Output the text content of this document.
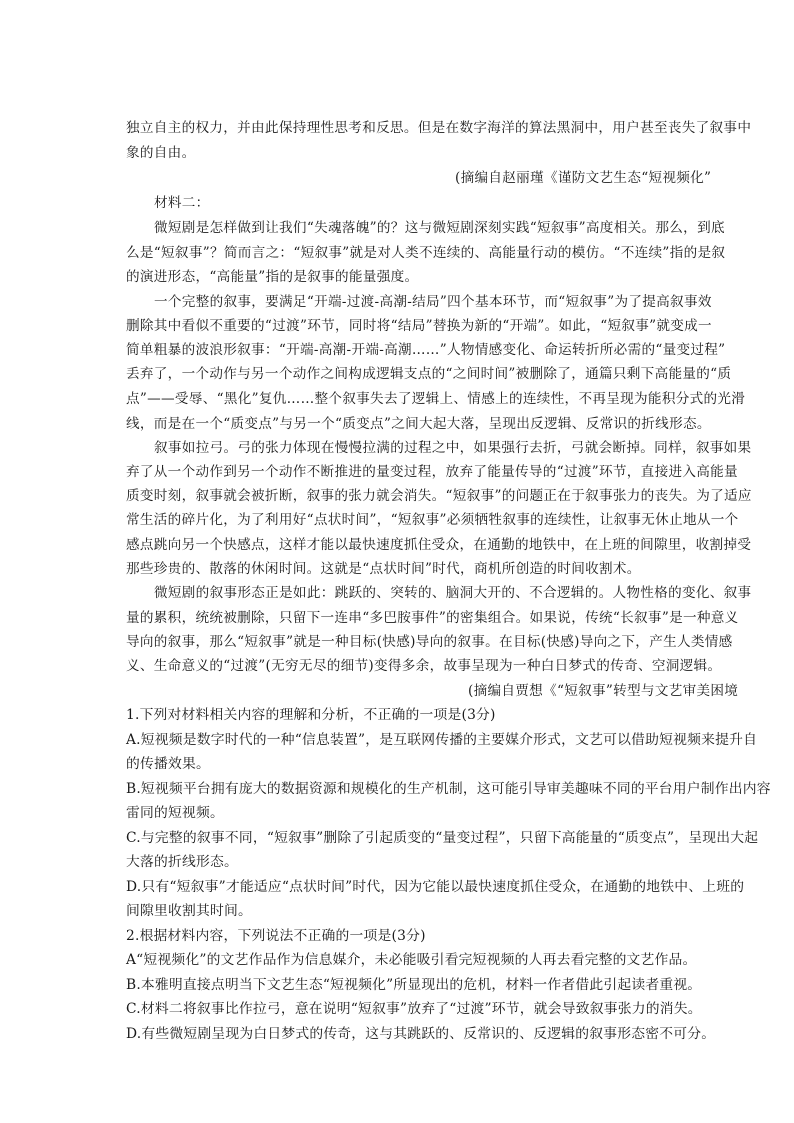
独立自主的权力，并由此保持理性思考和反思。但是在数字海洋的算法黑洞中，用户甚至丧失了叙事中
象的自由。
(摘编自赵丽瑾《谨防文艺生态“短视频化”
材料二：
微短剧是怎样做到让我们“失魂落魄”的？这与微短剧深刻实践“短叙事”高度相关。那么，到底
么是“短叙事”？简而言之：“短叙事”就是对人类不连续的、高能量行动的模仿。“不连续”指的是叙
的演进形态，“高能量”指的是叙事的能量强度。
一个完整的叙事，要满足“开端-过渡-高潮-结局”四个基本环节，而“短叙事”为了提高叙事效
删除其中看似不重要的“过渡”环节，同时将“结局”替换为新的“开端”。如此，“短叙事”就变成一
简单粗暴的波浪形叙事：“开端-高潮-开端-高潮……”人物情感变化、命运转折所必需的“量变过程”
丢弃了，一个动作与另一个动作之间构成逻辑支点的“之间时间”被删除了，通篇只剩下高能量的“质
点”——受辱、“黑化”复仇……整个叙事失去了逻辑上、情感上的连续性，不再呈现为能积分式的光滑
线，而是在一个“质变点”与另一个“质变点”之间大起大落，呈现出反逻辑、反常识的折线形态。
叙事如拉弓。弓的张力体现在慢慢拉满的过程之中，如果强行去折，弓就会断掉。同样，叙事如果
弃了从一个动作到另一个动作不断推进的量变过程，放弃了能量传导的“过渡”环节，直接进入高能量
质变时刻，叙事就会被折断，叙事的张力就会消失。“短叙事”的问题正在于叙事张力的丧失。为了适应
常生活的碎片化，为了利用好“点状时间”，“短叙事”必须牺牲叙事的连续性，让叙事无休止地从一个
感点跳向另一个快感点，这样才能以最快速度抓住受众，在通勤的地铁中，在上班的间隙里，收割掉受
那些珍贵的、散落的休闲时间。这就是“点状时间”时代，商机所创造的时间收割术。
微短剧的叙事形态正是如此：跳跃的、突转的、脑洞大开的、不合逻辑的。人物性格的变化、叙事
量的累积，统统被删除，只留下一连串“多巴胺事件”的密集组合。如果说，传统“长叙事”是一种意义
导向的叙事，那么“短叙事”就是一种目标(快感)导向的叙事。在目标(快感)导向之下，产生人类情感
义、生命意义的“过渡”(无穷无尽的细节)变得多余，故事呈现为一种白日梦式的传奇、空洞逻辑。
(摘编自贾想《“短叙事”转型与文艺审美困境
1.下列对材料相关内容的理解和分析，不正确的一项是(3分)
A.短视频是数字时代的一种“信息装置”，是互联网传播的主要媒介形式，文艺可以借助短视频来提升自
的传播效果。
B.短视频平台拥有庞大的数据资源和规模化的生产机制，这可能引导审美趣味不同的平台用户制作出内容
雷同的短视频。
C.与完整的叙事不同，“短叙事”删除了引起质变的“量变过程”，只留下高能量的“质变点”，呈现出大起
大落的折线形态。
D.只有“短叙事”才能适应“点状时间”时代，因为它能以最快速度抓住受众，在通勤的地铁中、上班的
间隙里收割其时间。
2.根据材料内容，下列说法不正确的一项是(3分)
A“短视频化”的文艺作品作为信息媒介，未必能吸引看完短视频的人再去看完整的文艺作品。
B.本雅明直接点明当下文艺生态“短视频化”所显现出的危机，材料一作者借此引起读者重视。
C.材料二将叙事比作拉弓，意在说明“短叙事”放弃了“过渡”环节，就会导致叙事张力的消失。
D.有些微短剧呈现为白日梦式的传奇，这与其跳跃的、反常识的、反逻辑的叙事形态密不可分。
